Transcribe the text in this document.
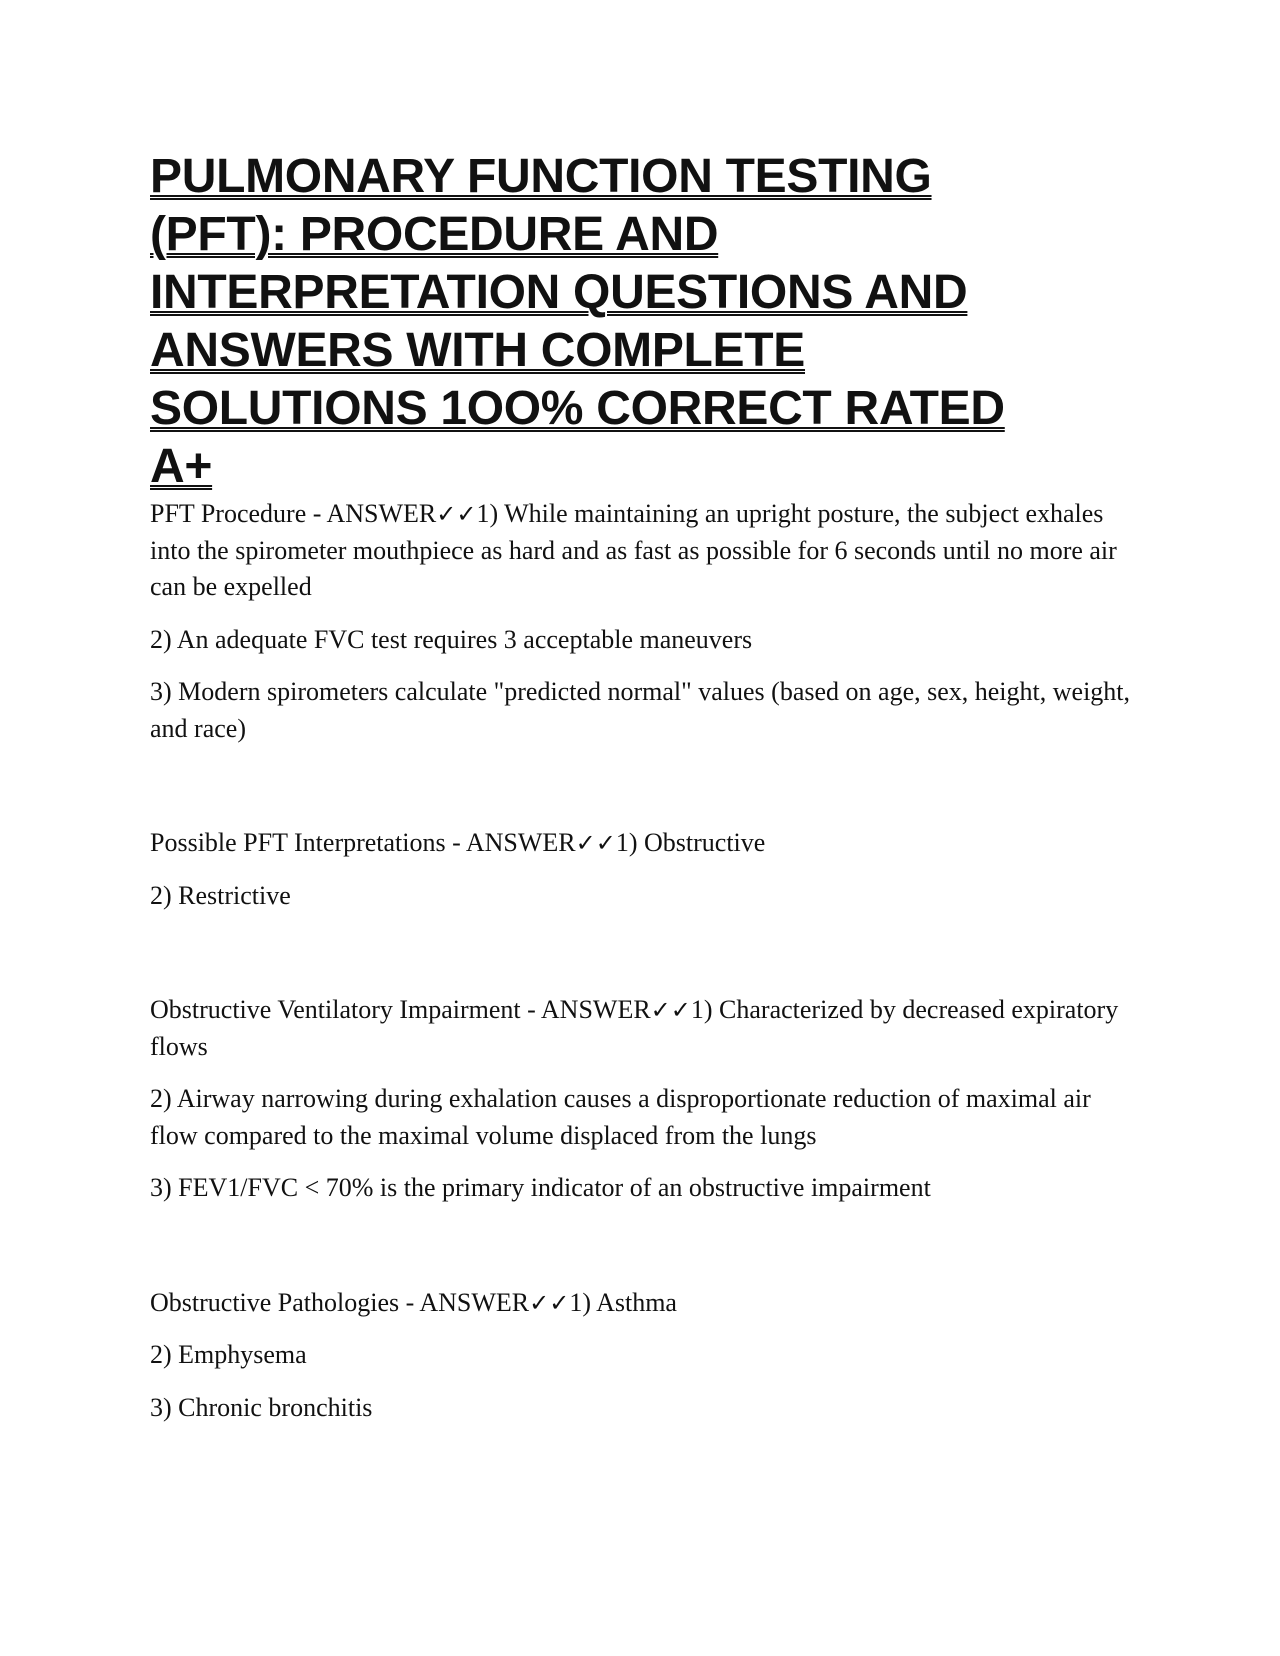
PULMONARY FUNCTION TESTING
(PFT): PROCEDURE AND
INTERPRETATION QUESTIONS AND
ANSWERS WITH COMPLETE
SOLUTIONS 1OO% CORRECT RATED
A+

PFT Procedure - ANSWER✓✓1) While maintaining an upright posture, the subject exhales into the spirometer mouthpiece as hard and as fast as possible for 6 seconds until no more air can be expelled

2) An adequate FVC test requires 3 acceptable maneuvers

3) Modern spirometers calculate "predicted normal" values (based on age, sex, height, weight, and race)

Possible PFT Interpretations - ANSWER✓✓1) Obstructive

2) Restrictive

Obstructive Ventilatory Impairment - ANSWER✓✓1) Characterized by decreased expiratory flows

2) Airway narrowing during exhalation causes a disproportionate reduction of maximal air flow compared to the maximal volume displaced from the lungs

3) FEV1/FVC < 70% is the primary indicator of an obstructive impairment

Obstructive Pathologies - ANSWER✓✓1) Asthma

2) Emphysema

3) Chronic bronchitis
